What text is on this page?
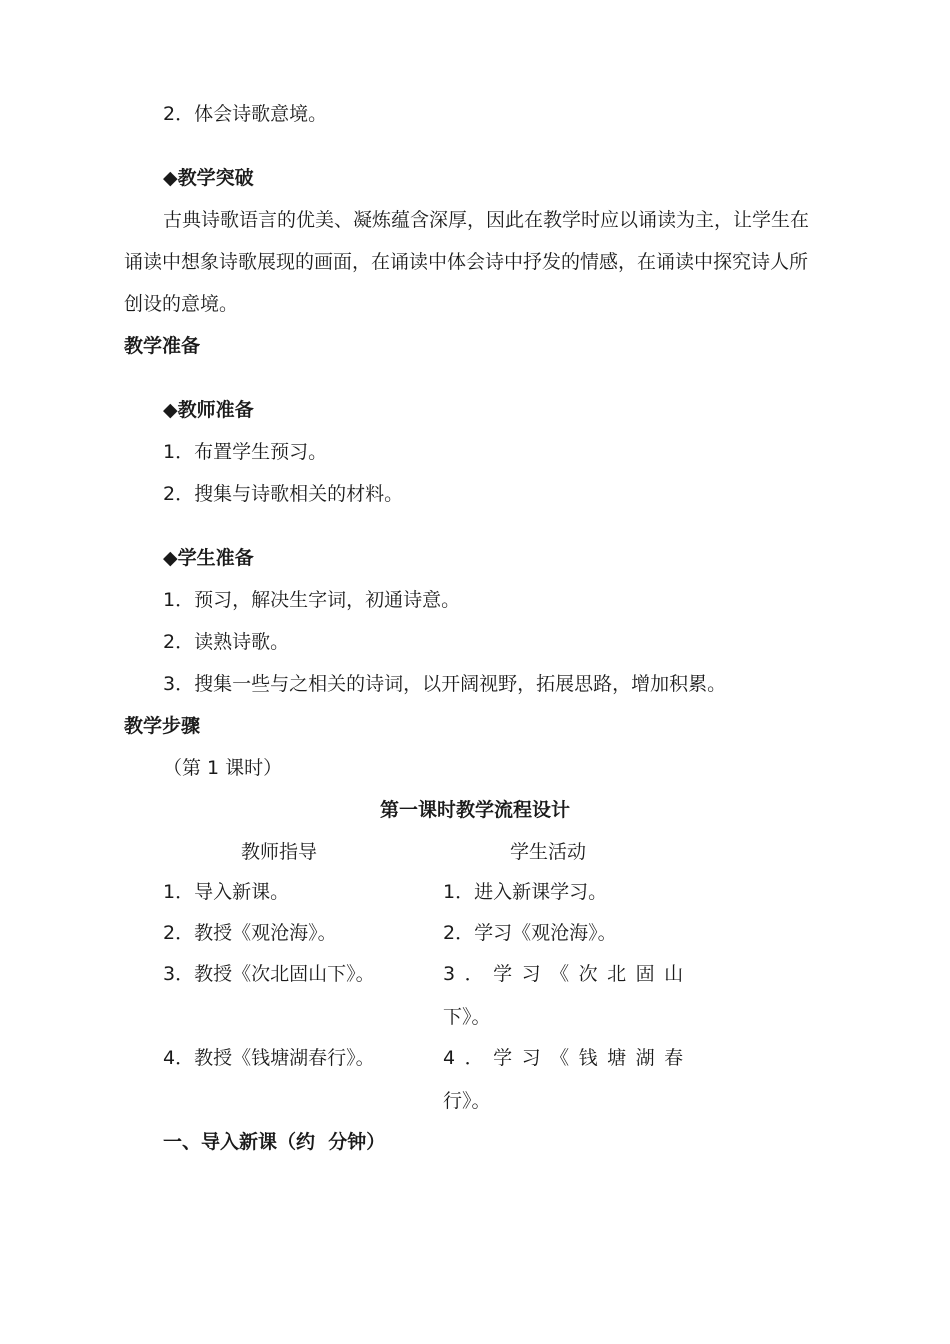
2．体会诗歌意境。
◆教学突破
古典诗歌语言的优美、凝炼蕴含深厚，因此在教学时应以诵读为主，让学生在
诵读中想象诗歌展现的画面，在诵读中体会诗中抒发的情感，在诵读中探究诗人所
创设的意境。
教学准备
◆教师准备
1．布置学生预习。
2．搜集与诗歌相关的材料。
◆学生准备
1．预习，解决生字词，初通诗意。
2．读熟诗歌。
3．搜集一些与之相关的诗词，以开阔视野，拓展思路，增加积累。
教学步骤
（第 1 课时）
第一课时教学流程设计
教师指导	学生活动
1．导入新课。	1．进入新课学习。
2．教授《观沧海》。	2．学习《观沧海》。
3．教授《次北固山下》。	3．学习《次北固山
下》。
4．教授《钱塘湖春行》。	4．学习《钱塘湖春
行》。
一、导入新课（约  分钟）
